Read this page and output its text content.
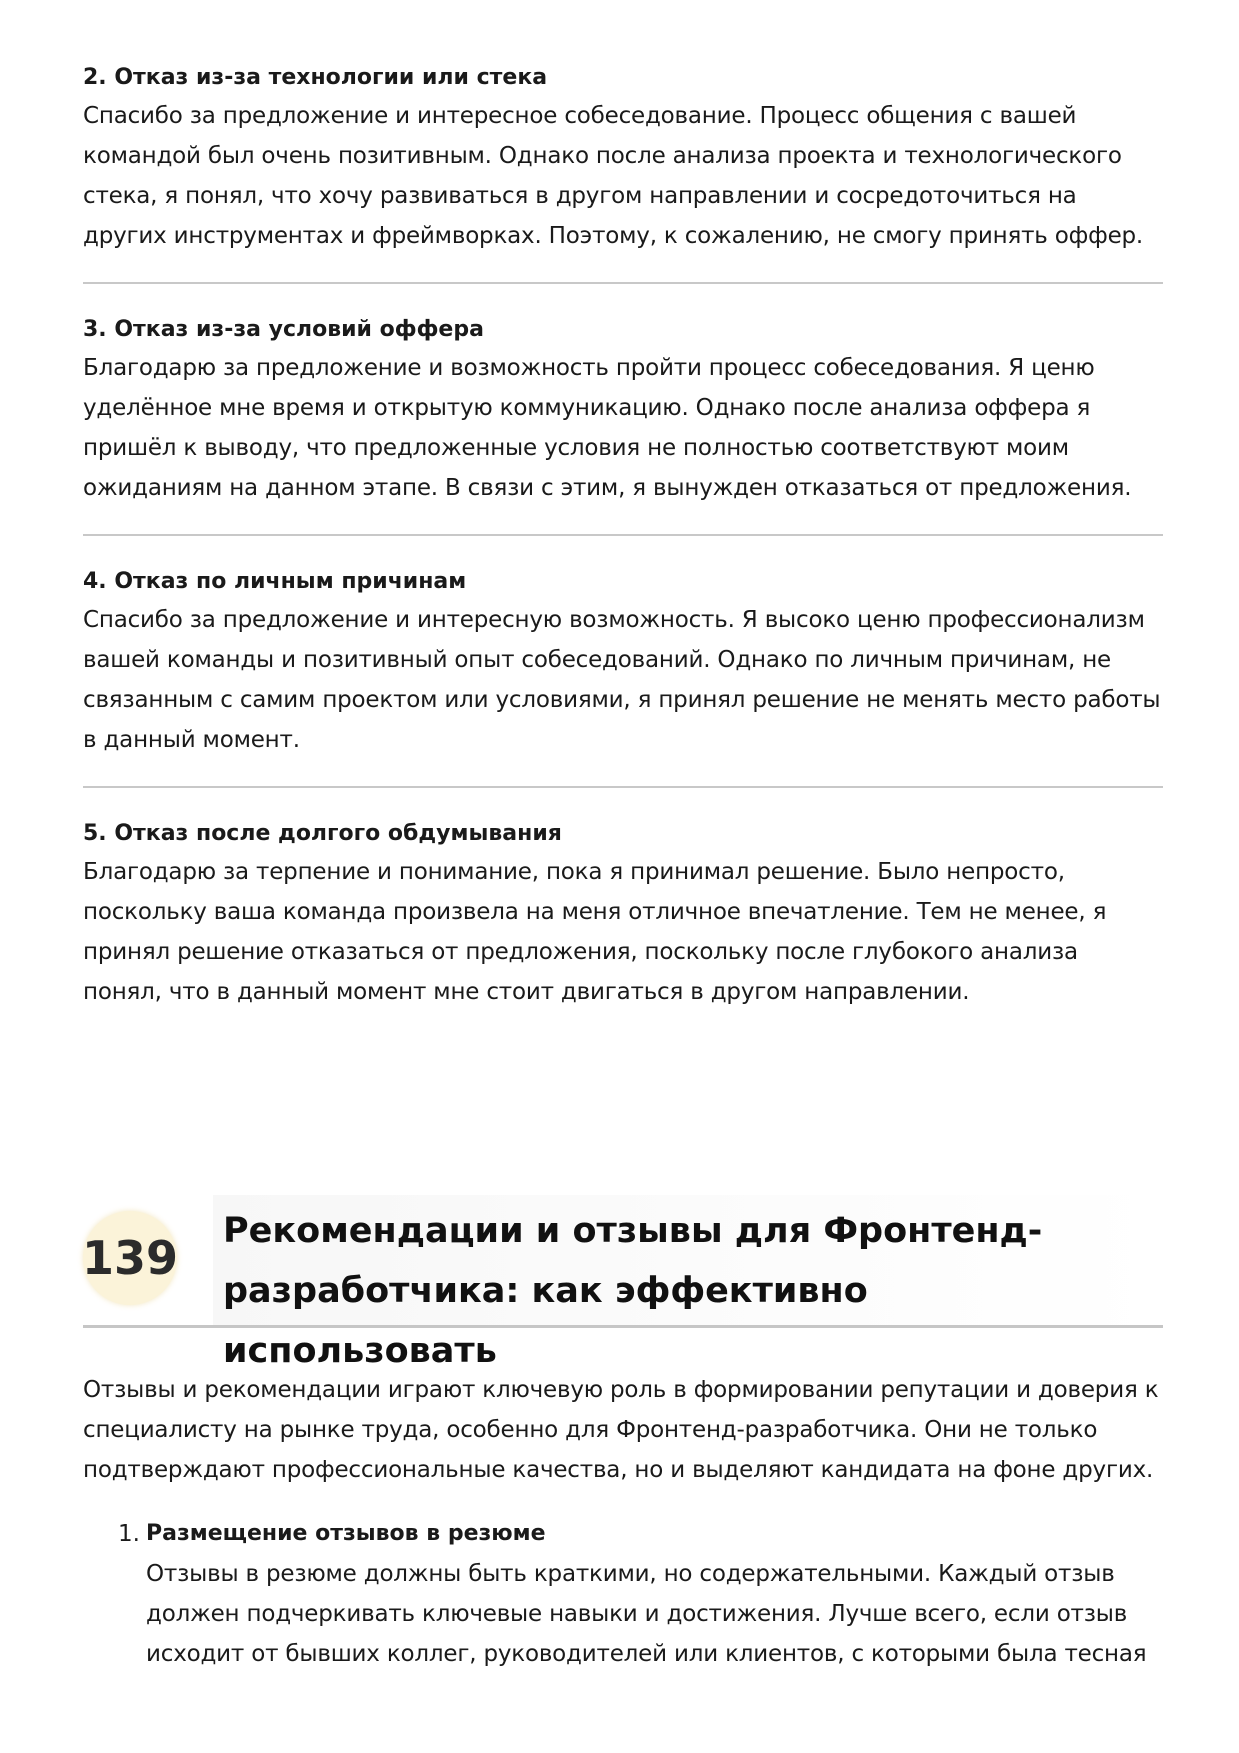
2. Отказ из-за технологии или стека

Спасибо за предложение и интересное собеседование. Процесс общения с вашей командой был очень позитивным. Однако после анализа проекта и технологического стека, я понял, что хочу развиваться в другом направлении и сосредоточиться на других инструментах и фреймворках. Поэтому, к сожалению, не смогу принять оффер.

3. Отказ из-за условий оффера

Благодарю за предложение и возможность пройти процесс собеседования. Я ценю уделённое мне время и открытую коммуникацию. Однако после анализа оффера я пришёл к выводу, что предложенные условия не полностью соответствуют моим ожиданиям на данном этапе. В связи с этим, я вынужден отказаться от предложения.

4. Отказ по личным причинам

Спасибо за предложение и интересную возможность. Я высоко ценю профессионализм вашей команды и позитивный опыт собеседований. Однако по личным причинам, не связанным с самим проектом или условиями, я принял решение не менять место работы в данный момент.

5. Отказ после долгого обдумывания

Благодарю за терпение и понимание, пока я принимал решение. Было непросто, поскольку ваша команда произвела на меня отличное впечатление. Тем не менее, я принял решение отказаться от предложения, поскольку после глубокого анализа понял, что в данный момент мне стоит двигаться в другом направлении.

139 Рекомендации и отзывы для Фронтенд-разработчика: как эффективно использовать

Отзывы и рекомендации играют ключевую роль в формировании репутации и доверия к специалисту на рынке труда, особенно для Фронтенд-разработчика. Они не только подтверждают профессиональные качества, но и выделяют кандидата на фоне других.

1. Размещение отзывов в резюме

Отзывы в резюме должны быть краткими, но содержательными. Каждый отзыв должен подчеркивать ключевые навыки и достижения. Лучше всего, если отзыв исходит от бывших коллег, руководителей или клиентов, с которыми была тесная
